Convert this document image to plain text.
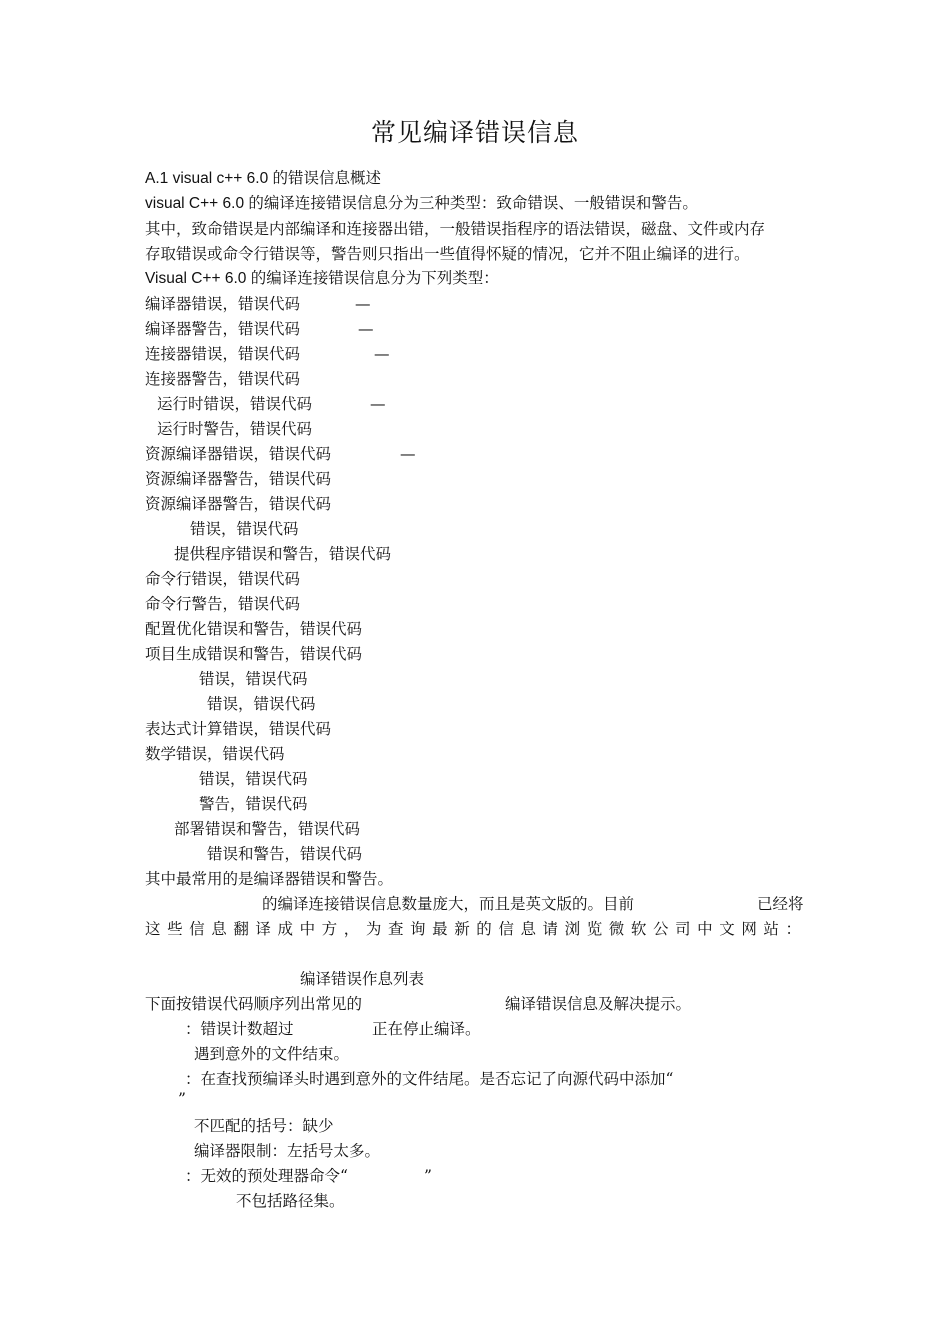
常见编译错误信息
A.1 visual c++ 6.0 的错误信息概述
visual C++ 6.0 的编译连接错误信息分为三种类型：致命错误、一般错误和警告。
其中，致命错误是内部编译和连接器出错，一般错误指程序的语法错误，磁盘、文件或内存
存取错误或命令行错误等，警告则只指出一些值得怀疑的情况，它并不阻止编译的进行。
Visual C++ 6.0 的编译连接错误信息分为下列类型：
编译器错误，错误代码	—
编译器警告，错误代码	—
连接器错误，错误代码	—
连接器警告，错误代码
运行时错误，错误代码	—
运行时警告，错误代码
资源编译器错误，错误代码	—
资源编译器警告，错误代码
资源编译器警告，错误代码
错误，错误代码
提供程序错误和警告，错误代码
命令行错误，错误代码
命令行警告，错误代码
配置优化错误和警告，错误代码
项目生成错误和警告，错误代码
错误，错误代码
错误，错误代码
表达式计算错误，错误代码
数学错误，错误代码
错误，错误代码
警告，错误代码
部署错误和警告，错误代码
错误和警告，错误代码
其中最常用的是编译器错误和警告。
的编译连接错误信息数量庞大，而且是英文版的。目前	已经将
这些信息翻译成中方，为查询最新的信息请浏览微软公司中文网站：
编译错误作息列表
下面按错误代码顺序列出常见的	编译错误信息及解决提示。
：错误计数超过	正在停止编译。
遇到意外的文件结束。
：在查找预编译头时遇到意外的文件结尾。是否忘记了向源代码中添加“
”
不匹配的括号：缺少
编译器限制：左括号太多。
：无效的预处理器命令“	”
不包括路径集。
